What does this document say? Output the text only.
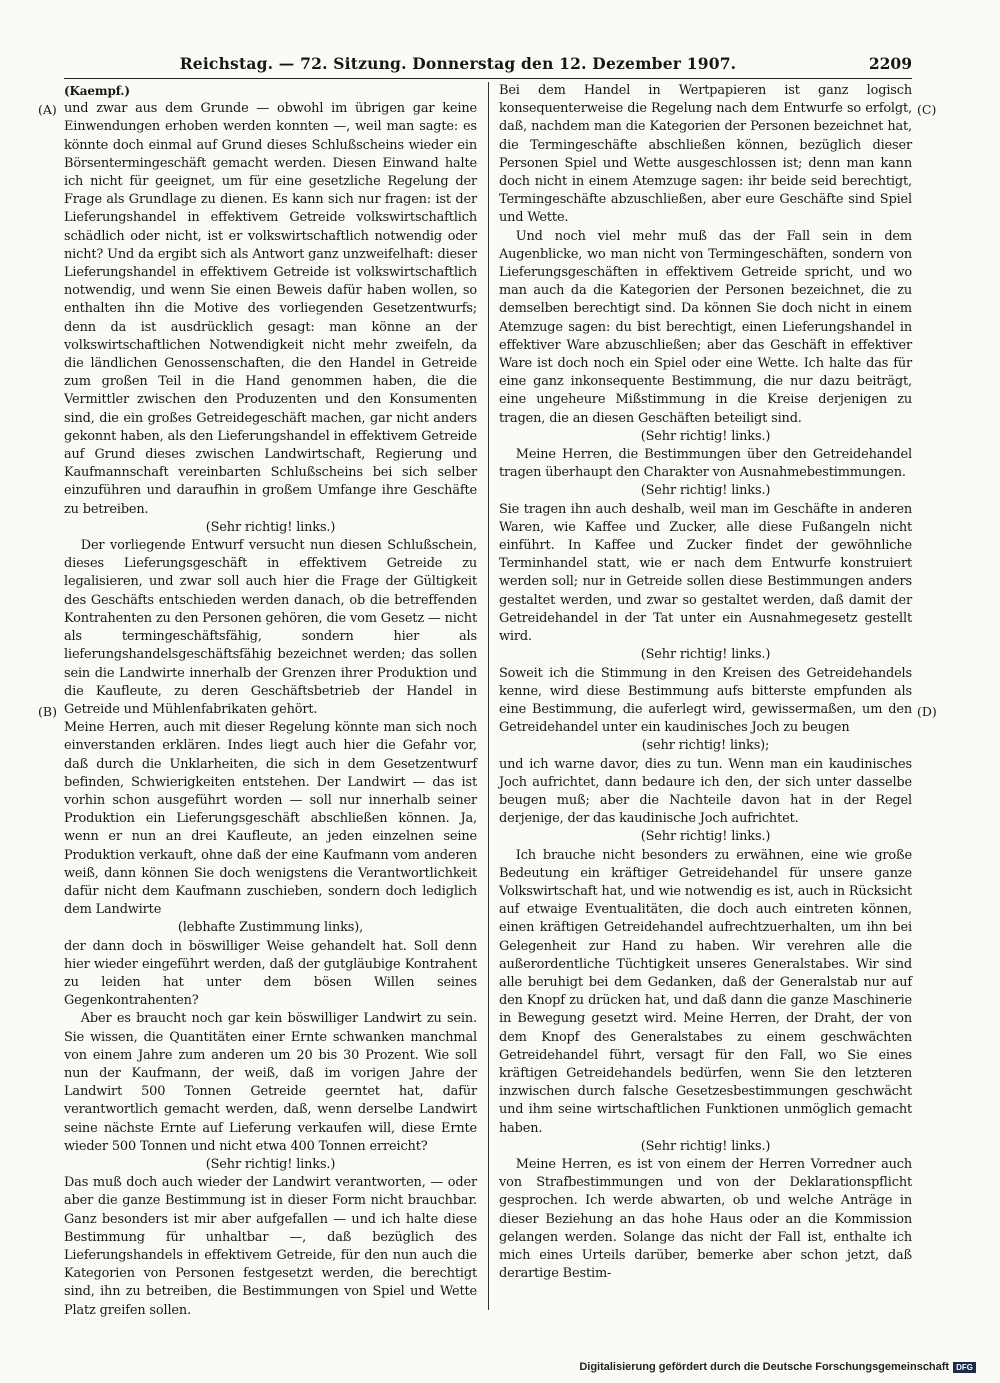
Reichstag. — 72. Sitzung. Donnerstag den 12. Dezember 1907.	2209
(A)
(B)
(C)
(D)

(Kaempf.)

und zwar aus dem Grunde — obwohl im übrigen gar keine Einwendungen erhoben werden konnten —, weil man sagte: es könnte doch einmal auf Grund dieses Schlußscheins wieder ein Börsentermingeschäft gemacht werden. Diesen Einwand halte ich nicht für geeignet, um für eine gesetzliche Regelung der Frage als Grundlage zu dienen. Es kann sich nur fragen: ist der Lieferungshandel in effektivem Getreide volkswirtschaftlich schädlich oder nicht, ist er volkswirtschaftlich notwendig oder nicht? Und da ergibt sich als Antwort ganz unzweifelhaft: dieser Lieferungshandel in effektivem Getreide ist volkswirtschaftlich notwendig, und wenn Sie einen Beweis dafür haben wollen, so enthalten ihn die Motive des vorliegenden Gesetzentwurfs; denn da ist ausdrücklich gesagt: man könne an der volkswirtschaftlichen Notwendigkeit nicht mehr zweifeln, da die ländlichen Genossenschaften, die den Handel in Getreide zum großen Teil in die Hand genommen haben, die die Vermittler zwischen den Produzenten und den Konsumenten sind, die ein großes Getreidegeschäft machen, gar nicht anders gekonnt haben, als den Lieferungshandel in effektivem Getreide auf Grund dieses zwischen Landwirtschaft, Regierung und Kaufmannschaft vereinbarten Schlußscheins bei sich selber einzuführen und daraufhin in großem Umfange ihre Geschäfte zu betreiben.

(Sehr richtig! links.)

Der vorliegende Entwurf versucht nun diesen Schlußschein, dieses Lieferungsgeschäft in effektivem Getreide zu legalisieren, und zwar soll auch hier die Frage der Gültigkeit des Geschäfts entschieden werden danach, ob die betreffenden Kontrahenten zu den Personen gehören, die vom Gesetz — nicht als termingeschäftsfähig, sondern hier als lieferungshandelsgeschäftsfähig bezeichnet werden; das sollen sein die Landwirte innerhalb der Grenzen ihrer Produktion und die Kaufleute, zu deren Geschäftsbetrieb der Handel in Getreide und Mühlenfabrikaten gehört.

Meine Herren, auch mit dieser Regelung könnte man sich noch einverstanden erklären. Indes liegt auch hier die Gefahr vor, daß durch die Unklarheiten, die sich in dem Gesetzentwurf befinden, Schwierigkeiten entstehen. Der Landwirt — das ist vorhin schon ausgeführt worden — soll nur innerhalb seiner Produktion ein Lieferungsgeschäft abschließen können. Ja, wenn er nun an drei Kaufleute, an jeden einzelnen seine Produktion verkauft, ohne daß der eine Kaufmann vom anderen weiß, dann können Sie doch wenigstens die Verantwortlichkeit dafür nicht dem Kaufmann zuschieben, sondern doch lediglich dem Landwirte

(lebhafte Zustimmung links),

der dann doch in böswilliger Weise gehandelt hat. Soll denn hier wieder eingeführt werden, daß der gutgläubige Kontrahent zu leiden hat unter dem bösen Willen seines Gegenkontrahenten?

Aber es braucht noch gar kein böswilliger Landwirt zu sein. Sie wissen, die Quantitäten einer Ernte schwanken manchmal von einem Jahre zum anderen um 20 bis 30 Prozent. Wie soll nun der Kaufmann, der weiß, daß im vorigen Jahre der Landwirt 500 Tonnen Getreide geerntet hat, dafür verantwortlich gemacht werden, daß, wenn derselbe Landwirt seine nächste Ernte auf Lieferung verkaufen will, diese Ernte wieder 500 Tonnen und nicht etwa 400 Tonnen erreicht?

(Sehr richtig! links.)

Das muß doch auch wieder der Landwirt verantworten, — oder aber die ganze Bestimmung ist in dieser Form nicht brauchbar. Ganz besonders ist mir aber aufgefallen — und ich halte diese Bestimmung für unhaltbar —, daß bezüglich des Lieferungshandels in effektivem Getreide, für den nun auch die Kategorien von Personen festgesetzt werden, die berechtigt sind, ihn zu betreiben, die Bestimmungen von Spiel und Wette Platz greifen sollen.

Bei dem Handel in Wertpapieren ist ganz logisch konsequenterweise die Regelung nach dem Entwurfe so erfolgt, daß, nachdem man die Kategorien der Personen bezeichnet hat, die Termingeschäfte abschließen können, bezüglich dieser Personen Spiel und Wette ausgeschlossen ist; denn man kann doch nicht in einem Atemzuge sagen: ihr beide seid berechtigt, Termingeschäfte abzuschließen, aber eure Geschäfte sind Spiel und Wette.

Und noch viel mehr muß das der Fall sein in dem Augenblicke, wo man nicht von Termingeschäften, sondern von Lieferungsgeschäften in effektivem Getreide spricht, und wo man auch da die Kategorien der Personen bezeichnet, die zu demselben berechtigt sind. Da können Sie doch nicht in einem Atemzuge sagen: du bist berechtigt, einen Lieferungshandel in effektiver Ware abzuschließen; aber das Geschäft in effektiver Ware ist doch noch ein Spiel oder eine Wette. Ich halte das für eine ganz inkonsequente Bestimmung, die nur dazu beiträgt, eine ungeheure Mißstimmung in die Kreise derjenigen zu tragen, die an diesen Geschäften beteiligt sind.

(Sehr richtig! links.)

Meine Herren, die Bestimmungen über den Getreidehandel tragen überhaupt den Charakter von Ausnahmebestimmungen.

(Sehr richtig! links.)

Sie tragen ihn auch deshalb, weil man im Geschäfte in anderen Waren, wie Kaffee und Zucker, alle diese Fußangeln nicht einführt. In Kaffee und Zucker findet der gewöhnliche Terminhandel statt, wie er nach dem Entwurfe konstruiert werden soll; nur in Getreide sollen diese Bestimmungen anders gestaltet werden, und zwar so gestaltet werden, daß damit der Getreidehandel in der Tat unter ein Ausnahmegesetz gestellt wird.

(Sehr richtig! links.)

Soweit ich die Stimmung in den Kreisen des Getreidehandels kenne, wird diese Bestimmung aufs bitterste empfunden als eine Bestimmung, die auferlegt wird, gewissermaßen, um den Getreidehandel unter ein kaudinisches Joch zu beugen

(sehr richtig! links);

und ich warne davor, dies zu tun. Wenn man ein kaudinisches Joch aufrichtet, dann bedaure ich den, der sich unter dasselbe beugen muß; aber die Nachteile davon hat in der Regel derjenige, der das kaudinische Joch aufrichtet.

(Sehr richtig! links.)

Ich brauche nicht besonders zu erwähnen, eine wie große Bedeutung ein kräftiger Getreidehandel für unsere ganze Volkswirtschaft hat, und wie notwendig es ist, auch in Rücksicht auf etwaige Eventualitäten, die doch auch eintreten können, einen kräftigen Getreidehandel aufrechtzuerhalten, um ihn bei Gelegenheit zur Hand zu haben. Wir verehren alle die außerordentliche Tüchtigkeit unseres Generalstabes. Wir sind alle beruhigt bei dem Gedanken, daß der Generalstab nur auf den Knopf zu drücken hat, und daß dann die ganze Maschinerie in Bewegung gesetzt wird. Meine Herren, der Draht, der von dem Knopf des Generalstabes zu einem geschwächten Getreidehandel führt, versagt für den Fall, wo Sie eines kräftigen Getreidehandels bedürfen, wenn Sie den letzteren inzwischen durch falsche Gesetzesbestimmungen geschwächt und ihm seine wirtschaftlichen Funktionen unmöglich gemacht haben.

(Sehr richtig! links.)

Meine Herren, es ist von einem der Herren Vorredner auch von Strafbestimmungen und von der Deklarationspflicht gesprochen. Ich werde abwarten, ob und welche Anträge in dieser Beziehung an das hohe Haus oder an die Kommission gelangen werden. Solange das nicht der Fall ist, enthalte ich mich eines Urteils darüber, bemerke aber schon jetzt, daß derartige Bestim-

Digitalisierung gefördert durch die Deutsche Forschungsgemeinschaft DFG
